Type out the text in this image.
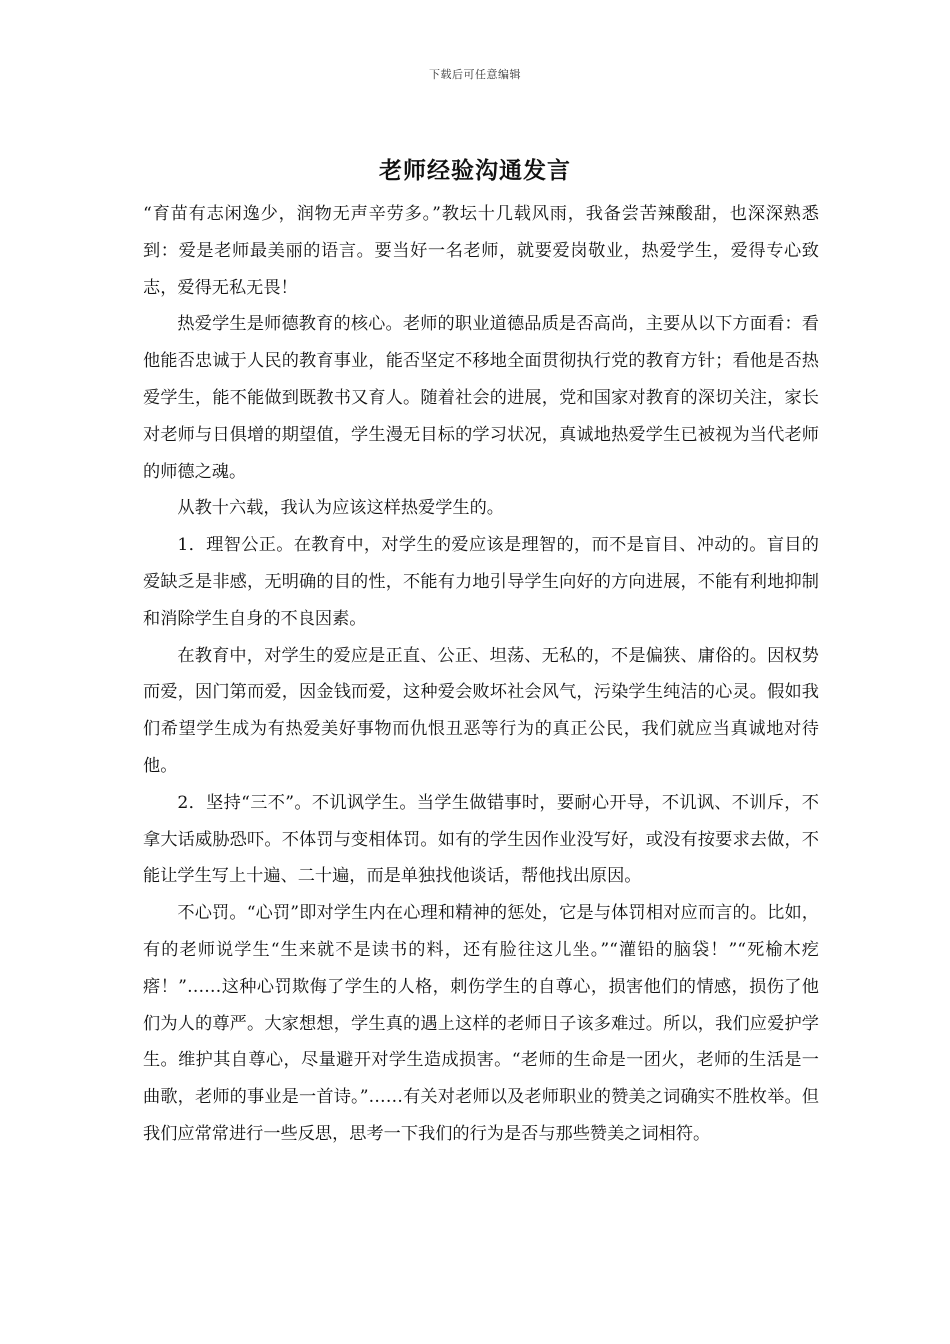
下载后可任意编辑
老师经验沟通发言

“育苗有志闲逸少，润物无声辛劳多。”教坛十几载风雨，我备尝苦辣酸甜，也深深熟悉到：爱是老师最美丽的语言。要当好一名老师，就要爱岗敬业，热爱学生，爱得专心致志，爱得无私无畏！

热爱学生是师德教育的核心。老师的职业道德品质是否高尚，主要从以下方面看：看他能否忠诚于人民的教育事业，能否坚定不移地全面贯彻执行党的教育方针；看他是否热爱学生，能不能做到既教书又育人。随着社会的进展，党和国家对教育的深切关注，家长对老师与日俱增的期望值，学生漫无目标的学习状况，真诚地热爱学生已被视为当代老师的师德之魂。

从教十六载，我认为应该这样热爱学生的。

1．理智公正。在教育中，对学生的爱应该是理智的，而不是盲目、冲动的。盲目的爱缺乏是非感，无明确的目的性，不能有力地引导学生向好的方向进展，不能有利地抑制和消除学生自身的不良因素。

在教育中，对学生的爱应是正直、公正、坦荡、无私的，不是偏狭、庸俗的。因权势而爱，因门第而爱，因金钱而爱，这种爱会败坏社会风气，污染学生纯洁的心灵。假如我们希望学生成为有热爱美好事物而仇恨丑恶等行为的真正公民，我们就应当真诚地对待他。

2．坚持“三不”。不讥讽学生。当学生做错事时，要耐心开导，不讥讽、不训斥，不拿大话威胁恐吓。不体罚与变相体罚。如有的学生因作业没写好，或没有按要求去做，不能让学生写上十遍、二十遍，而是单独找他谈话，帮他找出原因。

不心罚。“心罚”即对学生内在心理和精神的惩处，它是与体罚相对应而言的。比如，有的老师说学生“生来就不是读书的料，还有脸往这儿坐。”“灌铅的脑袋！”“死榆木疙瘩！”……这种心罚欺侮了学生的人格，刺伤学生的自尊心，损害他们的情感，损伤了他们为人的尊严。大家想想，学生真的遇上这样的老师日子该多难过。所以，我们应爱护学生。维护其自尊心，尽量避开对学生造成损害。“老师的生命是一团火，老师的生活是一曲歌，老师的事业是一首诗。”……有关对老师以及老师职业的赞美之词确实不胜枚举。但我们应常常进行一些反思，思考一下我们的行为是否与那些赞美之词相符。
